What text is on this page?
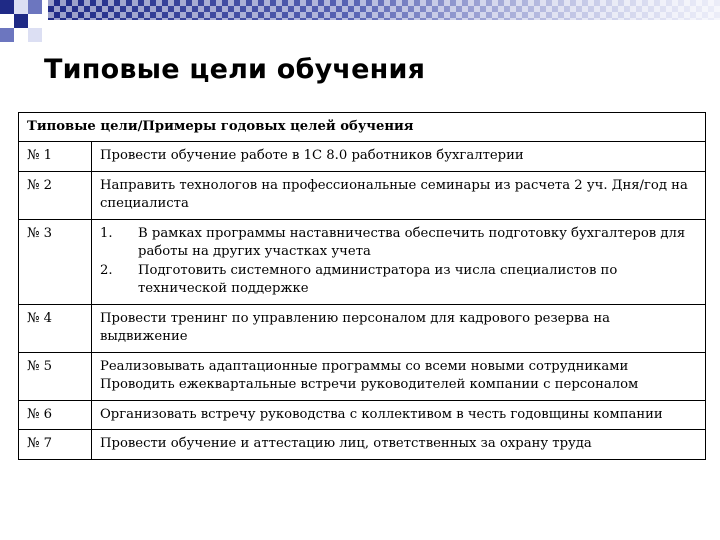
Типовые цели обучения
Типовые цели/Примеры годовых целей обучения	
№ 1	Провести обучение работе в 1С 8.0 работников бухгалтерии
№ 2	Направить технологов на профессиональные семинары из расчета 2 уч. Дня/год на специалиста
№ 3	1. В рамках программы наставничества обеспечить подготовку бухгалтеров для работы на других участках учета
2. Подготовить системного администратора из числа специалистов по технической поддержке

№ 4	Провести тренинг по управлению персоналом для кадрового резерва на выдвижение
№ 5	Реализовывать адаптационные программы со всеми новыми сотрудниками
Проводить ежеквартальные встречи руководителей компании с персоналом

№ 6	Организовать встречу руководства с коллективом в честь годовщины компании
№ 7	Провести обучение и аттестацию лиц, ответственных за охрану труда
